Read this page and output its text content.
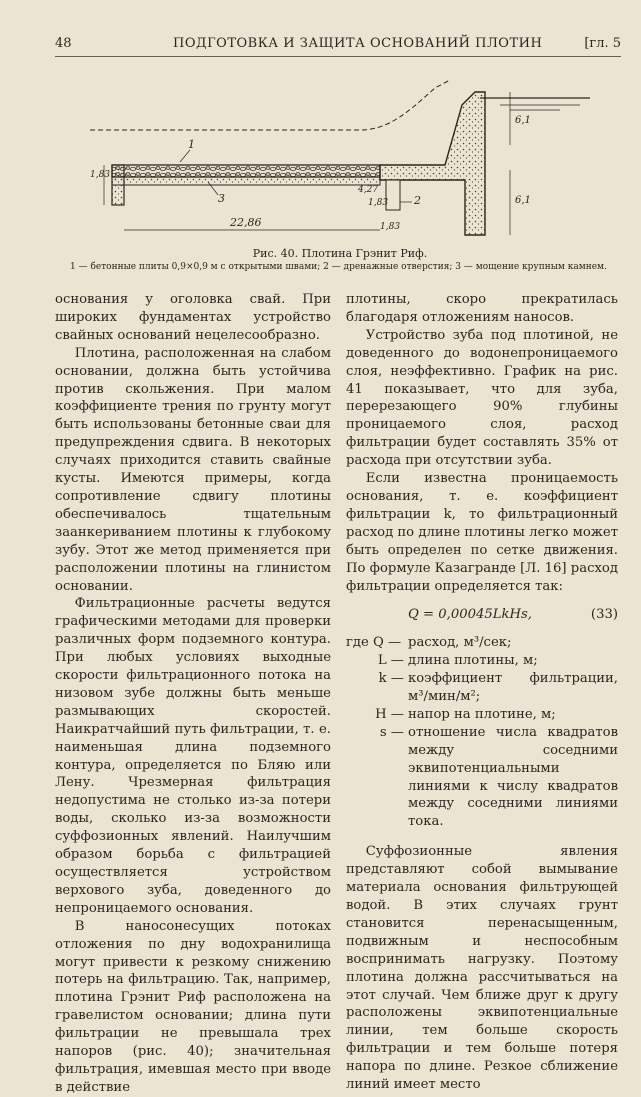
48	ПОДГОТОВКА И ЗАЩИТА ОСНОВАНИЙ ПЛОТИН	[гл. 5
1
2
3
1,83
4,27
1,83
1,83
22,86
6,1
6,1
Рис. 40. Плотина Грэнит Риф.
1 — бетонные плиты 0,9×0,9 м с открытыми швами; 2 — дренажные отверстия; 3 — мощение крупным камнем.

основания у оголовка свай. При широких фундаментах устройство свайных оснований нецелесообразно.

Плотина, расположенная на слабом основании, должна быть устойчива против скольжения. При малом коэффициенте трения по грунту могут быть использованы бетонные сваи для предупреждения сдвига. В некоторых случаях приходится ставить свайные кусты. Имеются примеры, когда сопротивление сдвигу плотины обеспечивалось тщательным заанкериванием плотины к глубокому зубу. Этот же метод применяется при расположении плотины на глинистом основании.

Фильтрационные расчеты ведутся графическими методами для проверки различных форм подземного контура. При любых условиях выходные скорости фильтрационного потока на низовом зубе должны быть меньше размывающих скоростей. Наикратчайший путь фильтрации, т. е. наименьшая длина подземного контура, определяется по Бляю или Лену. Чрезмерная фильтрация недопустима не столько из-за потери воды, сколько из-за возможности суффозионных явлений. Наилучшим образом борьба с фильтрацией осуществляется устройством верхового зуба, доведенного до непроницаемого основания.

В наносонесущих потоках отложения по дну водохранилища могут привести к резкому снижению потерь на фильтрацию. Так, например, плотина Грэнит Риф расположена на гравелистом основании; длина пути фильтрации не превышала трех напоров (рис. 40); значительная фильтрация, имевшая место при вводе в действие

плотины, скоро прекратилась благодаря отложениям наносов.

Устройство зуба под плотиной, не доведенного до водонепроницаемого слоя, неэффективно. График на рис. 41 показывает, что для зуба, перерезающего 90% глубины проницаемого слоя, расход фильтрации будет составлять 35% от расхода при отсутствии зуба.

Если известна проницаемость основания, т. е. коэффициент фильтрации k, то фильтрационный расход по длине плотины легко может быть определен по сетке движения. По формуле Казагранде [Л. 16] расход фильтрации определяется так:

Q = 0,00045LkHs,	(33)
где Q — расход, м³/сек;
L — длина плотины, м;
k — коэффициент фильтрации, м³/мин/м²;
H — напор на плотине, м;
s — отношение числа квадратов между соседними эквипотенциальными линиями к числу квадратов между соседними линиями тока.

Суффозионные явления представляют собой вымывание материала основания фильтрующей водой. В этих случаях грунт становится перенасыщенным, подвижным и неспособным воспринимать нагрузку. Поэтому плотина должна рассчитываться на этот случай. Чем ближе друг к другу расположены эквипотенциальные линии, тем больше скорость фильтрации и тем больше потеря напора по длине. Резкое сближение линий имеет место
